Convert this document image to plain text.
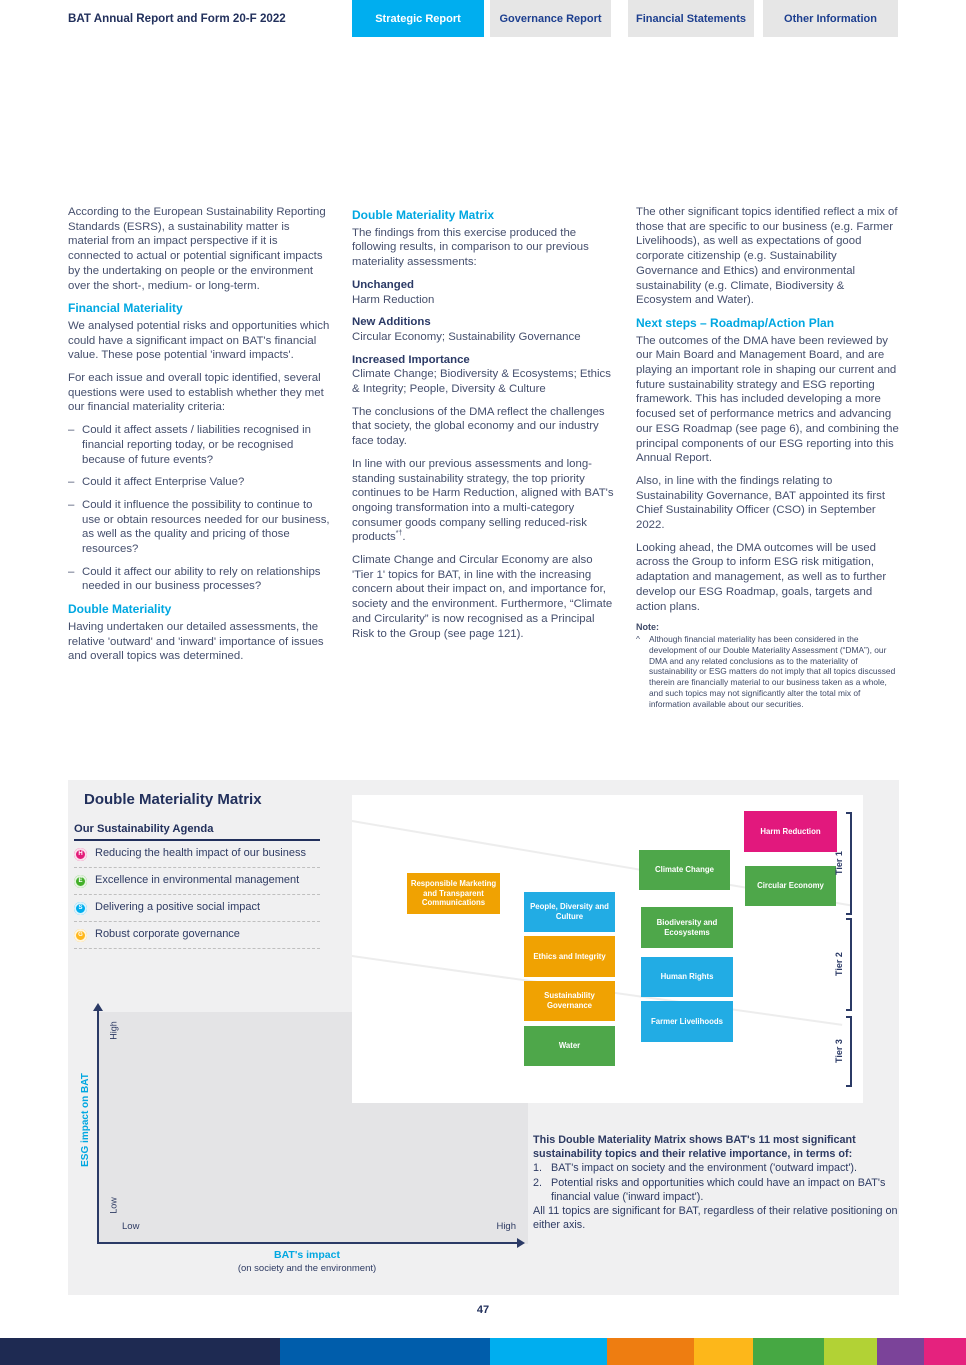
BAT Annual Report and Form 20-F 2022	Strategic Report	Governance Report	Financial Statements	Other Information

According to the European Sustainability Reporting Standards (ESRS), a sustainability matter is material from an impact perspective if it is connected to actual or potential significant impacts by the undertaking on people or the environment over the short-, medium- or long-term.

Financial Materiality

We analysed potential risks and opportunities which could have a significant impact on BAT's financial value. These pose potential 'inward impacts'.

For each issue and overall topic identified, several questions were used to establish whether they met our financial materiality criteria:

– Could it affect assets / liabilities recognised in financial reporting today, or be recognised because of future events?
– Could it affect Enterprise Value?
– Could it influence the possibility to continue to use or obtain resources needed for our business, as well as the quality and pricing of those resources?
– Could it affect our ability to rely on relationships needed in our business processes?
Double Materiality

Having undertaken our detailed assessments, the relative 'outward' and 'inward' importance of issues and overall topics was determined.

Double Materiality Matrix

The findings from this exercise produced the following results, in comparison to our previous materiality assessments:

Unchanged
Harm Reduction
New Additions
Circular Economy; Sustainability Governance
Increased Importance
Climate Change; Biodiversity & Ecosystems; Ethics & Integrity; People, Diversity & Culture

The conclusions of the DMA reflect the challenges that society, the global economy and our industry face today.

In line with our previous assessments and long-standing sustainability strategy, the top priority continues to be Harm Reduction, aligned with BAT's ongoing transformation into a multi-category consumer goods company selling reduced-risk products*†.

Climate Change and Circular Economy are also 'Tier 1' topics for BAT, in line with the increasing concern about their impact on, and importance for, society and the environment. Furthermore, “Climate and Circularity” is now recognised as a Principal Risk to the Group (see page 121).

The other significant topics identified reflect a mix of those that are specific to our business (e.g. Farmer Livelihoods), as well as expectations of good corporate citizenship (e.g. Sustainability Governance and Ethics) and environmental sustainability (e.g. Climate, Biodiversity & Ecosystem and Water).

Next steps – Roadmap/Action Plan

The outcomes of the DMA have been reviewed by our Main Board and Management Board, and are playing an important role in shaping our current and future sustainability strategy and ESG reporting framework. This has included developing a more focused set of performance metrics and advancing our ESG Roadmap (see page 6), and combining the principal components of our ESG reporting into this Annual Report.

Also, in line with the findings relating to Sustainability Governance, BAT appointed its first Chief Sustainability Officer (CSO) in September 2022.

Looking ahead, the DMA outcomes will be used across the Group to inform ESG risk mitigation, adaptation and management, as well as to further develop our ESG Roadmap, goals, targets and action plans.

Note:
^	Although financial materiality has been considered in the development of our Double Materiality Assessment (“DMA”), our DMA and any related conclusions as to the materiality of sustainability or ESG matters do not imply that all topics discussed therein are financially material to our business taken as a whole, and such topics may not significantly alter the total mix of information available about our securities.
Double Materiality Matrix
Our Sustainability Agenda
H Reducing the health impact of our business
E Excellence in environmental management
S Delivering a positive social impact
G Robust corporate governance
High
Low
ESG impact on BAT
Low	High
BAT's impact
(on society and the environment)
Harm Reduction
Climate Change
Circular Economy
Responsible Marketing and Transparent Communications	People, Diversity and Culture
Biodiversity and Ecosystems
Ethics and Integrity
Human Rights
Sustainability Governance
Farmer Livelihoods
Water
Tier 1
Tier 2
Tier 3
This Double Materiality Matrix shows BAT's 11 most significant sustainability topics and their relative importance, in terms of:
1. BAT's impact on society and the environment ('outward impact').
2. Potential risks and opportunities which could have an impact on BAT's financial value ('inward impact').
All 11 topics are significant for BAT, regardless of their relative positioning on either axis.
47
